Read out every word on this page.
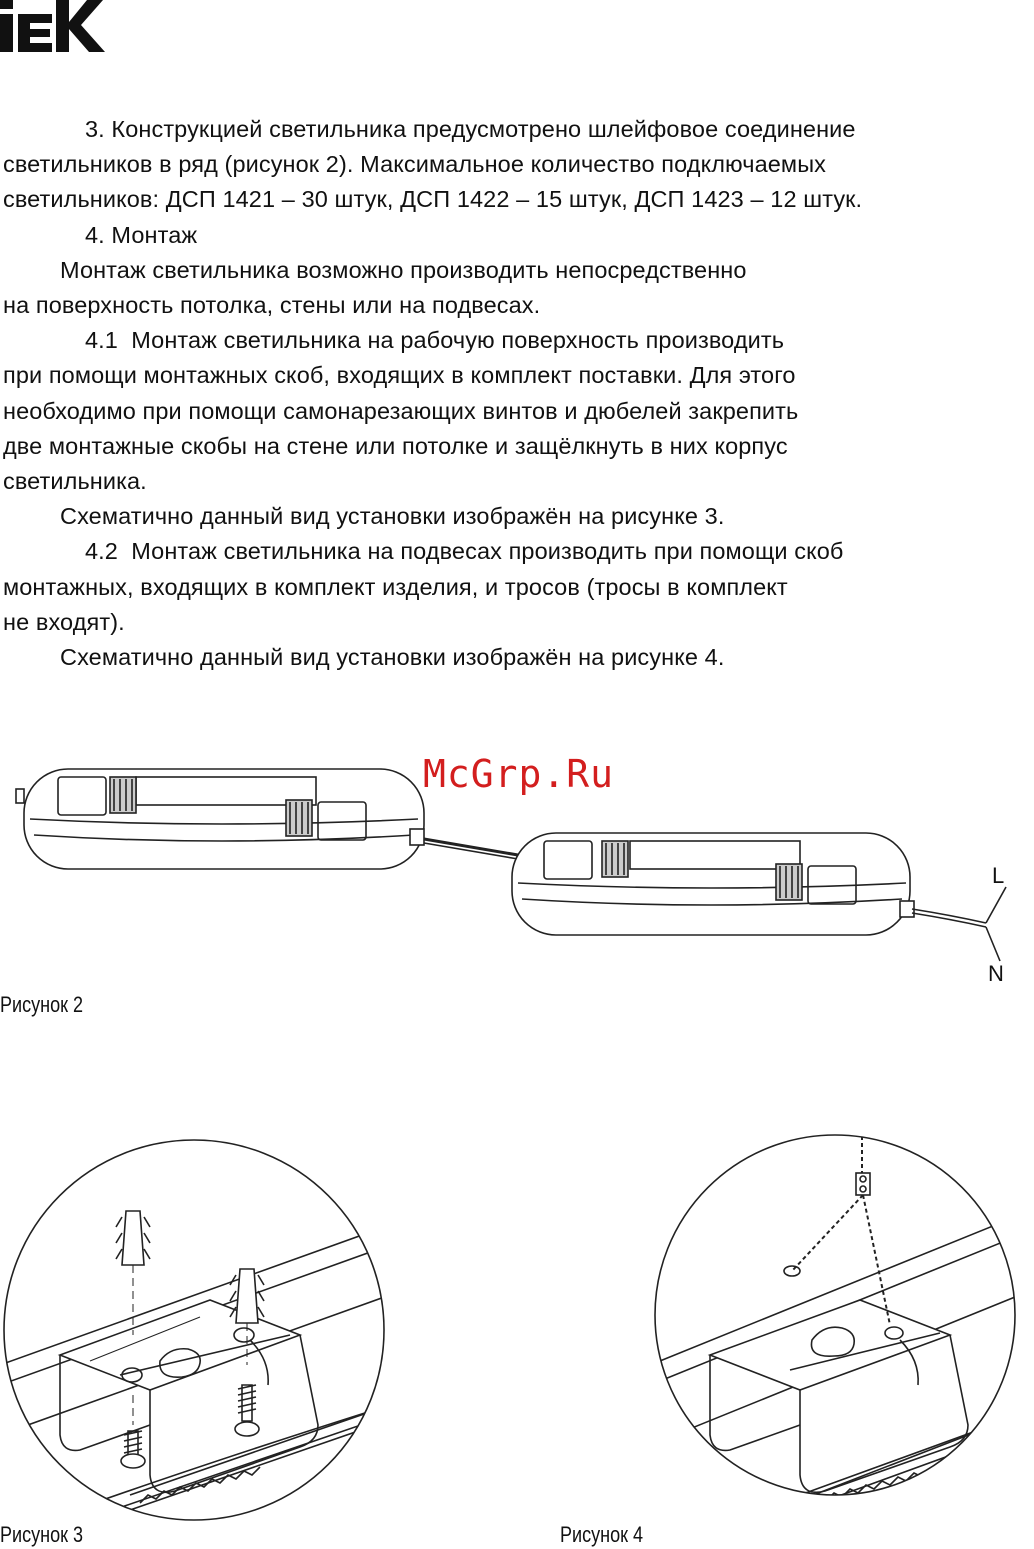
3. Конструкцией светильника предусмотрено шлейфовое соединение

светильников в ряд (рисунок 2). Максимальное количество подключаемых

светильников: ДСП 1421 – 30 штук, ДСП 1422 – 15 штук, ДСП 1423 – 12 штук.

4. Монтаж

Монтаж светильника возможно производить непосредственно

на поверхность потолка, стены или на подвесах.

4.1  Монтаж светильника на рабочую поверхность производить

при помощи монтажных скоб, входящих в комплект поставки. Для этого

необходимо при помощи самонарезающих винтов и дюбелей закрепить

две монтажные скобы на стене или потолке и защёлкнуть в них корпус

светильника.

Схематично данный вид установки изображён на рисунке 3.

4.2  Монтаж светильника на подвесах производить при помощи скоб

монтажных, входящих в комплект изделия, и тросов (тросы в комплект

не входят).

Схематично данный вид установки изображён на рисунке 4.

McGrp.Ru
L
N
Рисунок 2
Рисунок 3	Рисунок 4
